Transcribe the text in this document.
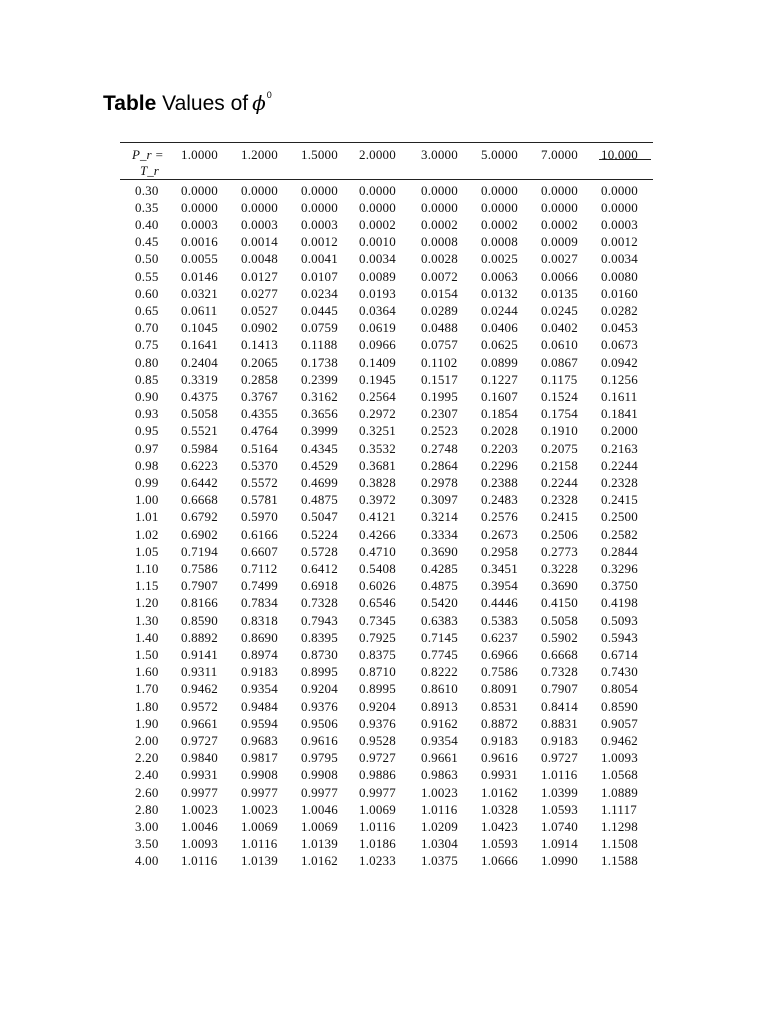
Table Values of $\phi^0$
P_r =
T_r
1.0000 1.2000 1.5000 2.0000 3.0000 5.0000 7.0000 10.000
0.30 0.0000 0.0000 0.0000 0.0000 0.0000 0.0000 0.0000 0.0000
0.35 0.0000 0.0000 0.0000 0.0000 0.0000 0.0000 0.0000 0.0000
0.40 0.0003 0.0003 0.0003 0.0002 0.0002 0.0002 0.0002 0.0003
0.45 0.0016 0.0014 0.0012 0.0010 0.0008 0.0008 0.0009 0.0012
0.50 0.0055 0.0048 0.0041 0.0034 0.0028 0.0025 0.0027 0.0034
0.55 0.0146 0.0127 0.0107 0.0089 0.0072 0.0063 0.0066 0.0080
0.60 0.0321 0.0277 0.0234 0.0193 0.0154 0.0132 0.0135 0.0160
0.65 0.0611 0.0527 0.0445 0.0364 0.0289 0.0244 0.0245 0.0282
0.70 0.1045 0.0902 0.0759 0.0619 0.0488 0.0406 0.0402 0.0453
0.75 0.1641 0.1413 0.1188 0.0966 0.0757 0.0625 0.0610 0.0673
0.80 0.2404 0.2065 0.1738 0.1409 0.1102 0.0899 0.0867 0.0942
0.85 0.3319 0.2858 0.2399 0.1945 0.1517 0.1227 0.1175 0.1256
0.90 0.4375 0.3767 0.3162 0.2564 0.1995 0.1607 0.1524 0.1611
0.93 0.5058 0.4355 0.3656 0.2972 0.2307 0.1854 0.1754 0.1841
0.95 0.5521 0.4764 0.3999 0.3251 0.2523 0.2028 0.1910 0.2000
0.97 0.5984 0.5164 0.4345 0.3532 0.2748 0.2203 0.2075 0.2163
0.98 0.6223 0.5370 0.4529 0.3681 0.2864 0.2296 0.2158 0.2244
0.99 0.6442 0.5572 0.4699 0.3828 0.2978 0.2388 0.2244 0.2328
1.00 0.6668 0.5781 0.4875 0.3972 0.3097 0.2483 0.2328 0.2415
1.01 0.6792 0.5970 0.5047 0.4121 0.3214 0.2576 0.2415 0.2500
1.02 0.6902 0.6166 0.5224 0.4266 0.3334 0.2673 0.2506 0.2582
1.05 0.7194 0.6607 0.5728 0.4710 0.3690 0.2958 0.2773 0.2844
1.10 0.7586 0.7112 0.6412 0.5408 0.4285 0.3451 0.3228 0.3296
1.15 0.7907 0.7499 0.6918 0.6026 0.4875 0.3954 0.3690 0.3750
1.20 0.8166 0.7834 0.7328 0.6546 0.5420 0.4446 0.4150 0.4198
1.30 0.8590 0.8318 0.7943 0.7345 0.6383 0.5383 0.5058 0.5093
1.40 0.8892 0.8690 0.8395 0.7925 0.7145 0.6237 0.5902 0.5943
1.50 0.9141 0.8974 0.8730 0.8375 0.7745 0.6966 0.6668 0.6714
1.60 0.9311 0.9183 0.8995 0.8710 0.8222 0.7586 0.7328 0.7430
1.70 0.9462 0.9354 0.9204 0.8995 0.8610 0.8091 0.7907 0.8054
1.80 0.9572 0.9484 0.9376 0.9204 0.8913 0.8531 0.8414 0.8590
1.90 0.9661 0.9594 0.9506 0.9376 0.9162 0.8872 0.8831 0.9057
2.00 0.9727 0.9683 0.9616 0.9528 0.9354 0.9183 0.9183 0.9462
2.20 0.9840 0.9817 0.9795 0.9727 0.9661 0.9616 0.9727 1.0093
2.40 0.9931 0.9908 0.9908 0.9886 0.9863 0.9931 1.0116 1.0568
2.60 0.9977 0.9977 0.9977 0.9977 1.0023 1.0162 1.0399 1.0889
2.80 1.0023 1.0023 1.0046 1.0069 1.0116 1.0328 1.0593 1.1117
3.00 1.0046 1.0069 1.0069 1.0116 1.0209 1.0423 1.0740 1.1298
3.50 1.0093 1.0116 1.0139 1.0186 1.0304 1.0593 1.0914 1.1508
4.00 1.0116 1.0139 1.0162 1.0233 1.0375 1.0666 1.0990 1.1588
